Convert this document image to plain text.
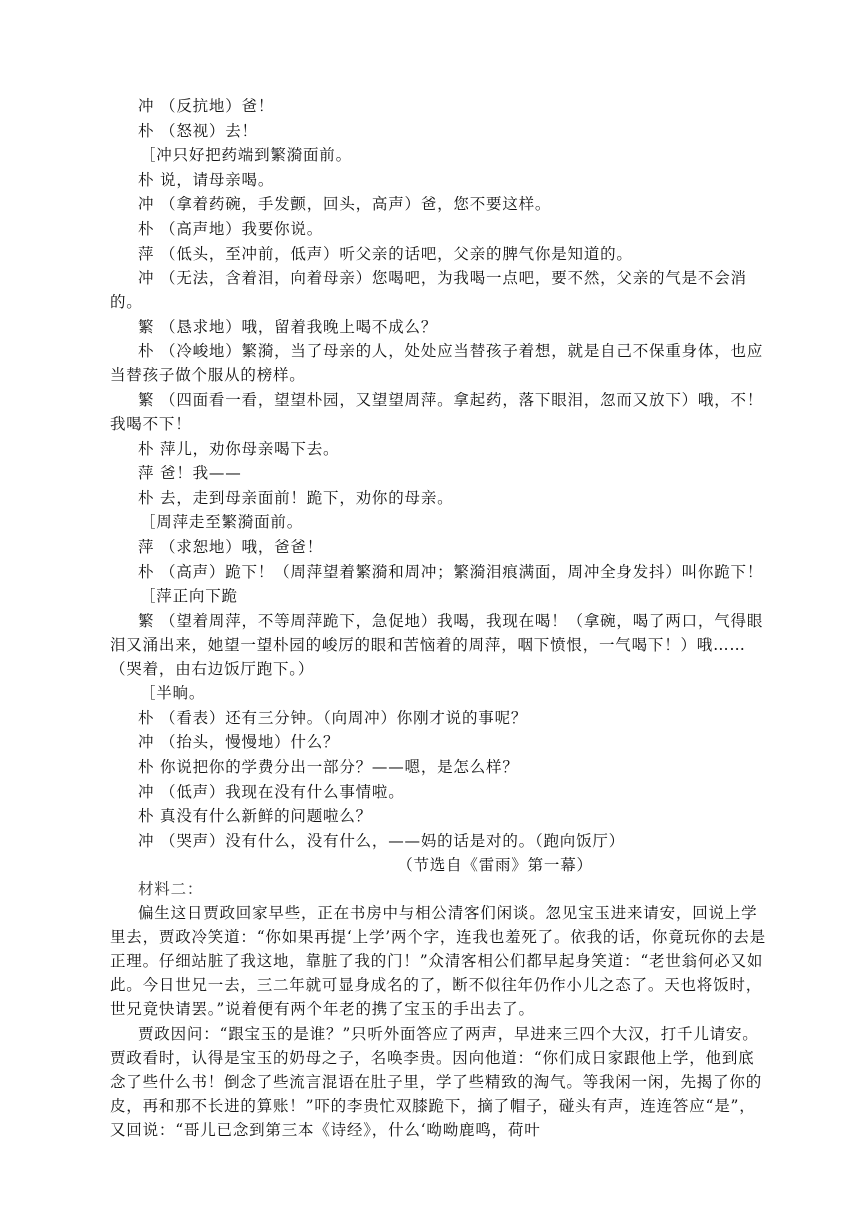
冲 （反抗地）爸！

朴 （怒视）去！

［冲只好把药端到繁漪面前。

朴 说，请母亲喝。

冲 （拿着药碗，手发颤，回头，高声）爸，您不要这样。

朴 （高声地）我要你说。

萍 （低头，至冲前，低声）听父亲的话吧，父亲的脾气你是知道的。

冲 （无法，含着泪，向着母亲）您喝吧，为我喝一点吧，要不然，父亲的气是不会消的。

繁 （恳求地）哦，留着我晚上喝不成么？

朴 （冷峻地）繁漪，当了母亲的人，处处应当替孩子着想，就是自己不保重身体，也应当替孩子做个服从的榜样。

繁 （四面看一看，望望朴园，又望望周萍。拿起药，落下眼泪，忽而又放下）哦，不！我喝不下！

朴 萍儿，劝你母亲喝下去。

萍 爸！我——

朴 去，走到母亲面前！跪下，劝你的母亲。

［周萍走至繁漪面前。

萍 （求恕地）哦，爸爸！

朴 （高声）跪下！（周萍望着繁漪和周冲；繁漪泪痕满面，周冲全身发抖）叫你跪下！

［萍正向下跪

繁 （望着周萍，不等周萍跪下，急促地）我喝，我现在喝！（拿碗，喝了两口，气得眼泪又涌出来，她望一望朴园的峻厉的眼和苦恼着的周萍，咽下愤恨，一气喝下！）哦……（哭着，由右边饭厅跑下。）

［半晌。

朴 （看表）还有三分钟。（向周冲）你刚才说的事呢？

冲 （抬头，慢慢地）什么？

朴 你说把你的学费分出一部分？——嗯，是怎么样？

冲 （低声）我现在没有什么事情啦。

朴 真没有什么新鲜的问题啦么？

冲 （哭声）没有什么，没有什么，——妈的话是对的。（跑向饭厅）

（节选自《雷雨》第一幕）

材料二：

偏生这日贾政回家早些，正在书房中与相公清客们闲谈。忽见宝玉进来请安，回说上学里去，贾政冷笑道：“你如果再提‘上学’两个字，连我也羞死了。依我的话，你竟玩你的去是正理。仔细站脏了我这地，靠脏了我的门！”众清客相公们都早起身笑道：“老世翁何必又如此。今日世兄一去，三二年就可显身成名的了，断不似往年仍作小儿之态了。天也将饭时，世兄竟快请罢。”说着便有两个年老的携了宝玉的手出去了。

贾政因问：“跟宝玉的是谁？”只听外面答应了两声，早进来三四个大汉，打千儿请安。贾政看时，认得是宝玉的奶母之子，名唤李贵。因向他道：“你们成日家跟他上学，他到底念了些什么书！倒念了些流言混语在肚子里，学了些精致的淘气。等我闲一闲，先揭了你的皮，再和那不长进的算账！”吓的李贵忙双膝跪下，摘了帽子，碰头有声，连连答应“是”，又回说：“哥儿已念到第三本《诗经》，什么‘呦呦鹿鸣，荷叶
